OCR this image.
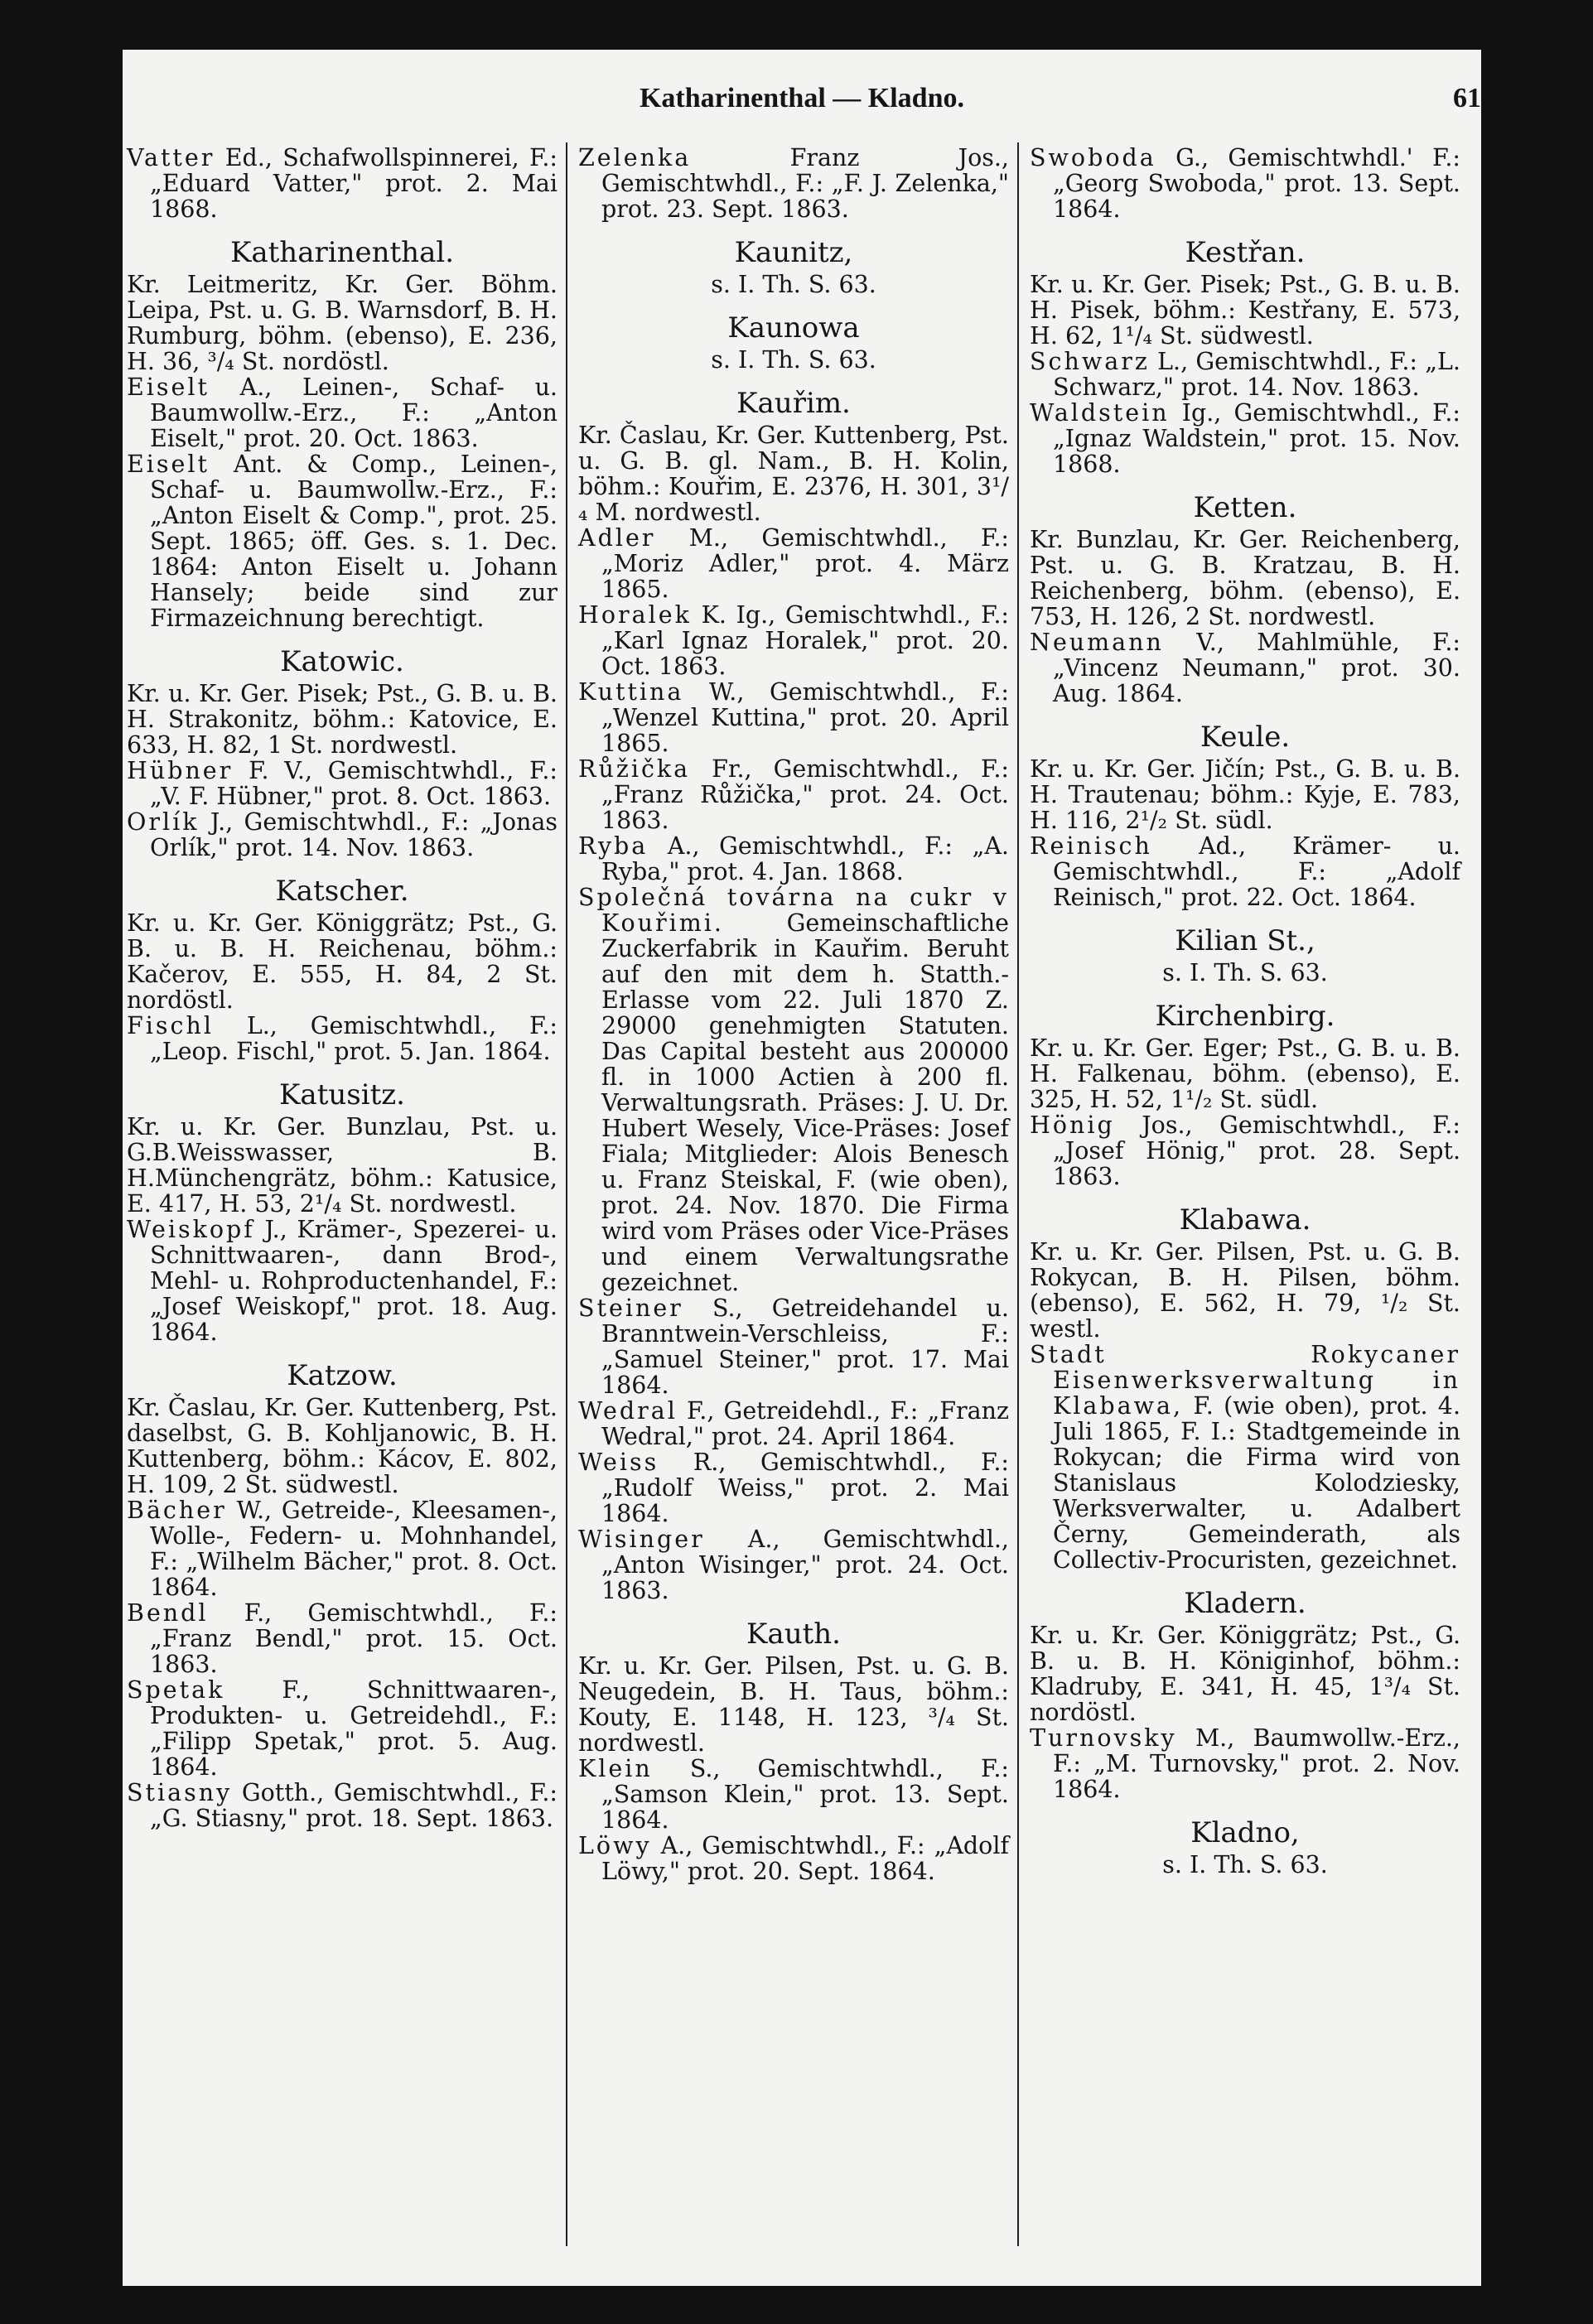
Katharinenthal — Kladno.	61

Vatter Ed., Schafwollspinnerei, F.: „Eduard Vatter," prot. 2. Mai 1868.

Katharinenthal.

Kr. Leitmeritz, Kr. Ger. Böhm. Leipa, Pst. u. G. B. Warnsdorf, B. H. Rumburg, böhm. (ebenso), E. 236, H. 36, ³/₄ St. nordöstl.

Eiselt A., Leinen-, Schaf- u. Baumwollw.-Erz., F.: „Anton Eiselt," prot. 20. Oct. 1863.

Eiselt Ant. & Comp., Leinen-, Schaf- u. Baumwollw.-Erz., F.: „Anton Eiselt & Comp.", prot. 25. Sept. 1865; öff. Ges. s. 1. Dec. 1864: Anton Eiselt u. Johann Hansely; beide sind zur Firmazeichnung berechtigt.

Katowic.

Kr. u. Kr. Ger. Pisek; Pst., G. B. u. B. H. Strakonitz, böhm.: Katovice, E. 633, H. 82, 1 St. nordwestl.

Hübner F. V., Gemischtwhdl., F.: „V. F. Hübner," prot. 8. Oct. 1863.

Orlík J., Gemischtwhdl., F.: „Jonas Orlík," prot. 14. Nov. 1863.

Katscher.

Kr. u. Kr. Ger. Königgrätz; Pst., G. B. u. B. H. Reichenau, böhm.: Kačerov, E. 555, H. 84, 2 St. nordöstl.

Fischl L., Gemischtwhdl., F.: „Leop. Fischl," prot. 5. Jan. 1864.

Katusitz.

Kr. u. Kr. Ger. Bunzlau, Pst. u. G.B.Weisswasser, B. H.Münchengrätz, böhm.: Katusice, E. 417, H. 53, 2¹/₄ St. nordwestl.

Weiskopf J., Krämer-, Spezerei- u. Schnittwaaren-, dann Brod-, Mehl- u. Rohproductenhandel, F.: „Josef Weiskopf," prot. 18. Aug. 1864.

Katzow.

Kr. Časlau, Kr. Ger. Kuttenberg, Pst. daselbst, G. B. Kohljanowic, B. H. Kuttenberg, böhm.: Kácov, E. 802, H. 109, 2 St. südwestl.

Bächer W., Getreide-, Kleesamen-, Wolle-, Federn- u. Mohnhandel, F.: „Wilhelm Bächer," prot. 8. Oct. 1864.

Bendl F., Gemischtwhdl., F.: „Franz Bendl," prot. 15. Oct. 1863.

Spetak F., Schnittwaaren-, Produkten- u. Getreidehdl., F.: „Filipp Spetak," prot. 5. Aug. 1864.

Stiasny Gotth., Gemischtwhdl., F.: „G. Stiasny," prot. 18. Sept. 1863.

Zelenka Franz Jos., Gemischtwhdl., F.: „F. J. Zelenka," prot. 23. Sept. 1863.

Kaunitz,
s. I. Th. S. 63.
Kaunowa
s. I. Th. S. 63.
Kauřim.

Kr. Časlau, Kr. Ger. Kuttenberg, Pst. u. G. B. gl. Nam., B. H. Kolin, böhm.: Kouřim, E. 2376, H. 301, 3¹/₄ M. nordwestl.

Adler M., Gemischtwhdl., F.: „Moriz Adler," prot. 4. März 1865.

Horalek K. Ig., Gemischtwhdl., F.: „Karl Ignaz Horalek," prot. 20. Oct. 1863.

Kuttina W., Gemischtwhdl., F.: „Wenzel Kuttina," prot. 20. April 1865.

Růžička Fr., Gemischtwhdl., F.: „Franz Růžička," prot. 24. Oct. 1863.

Ryba A., Gemischtwhdl., F.: „A. Ryba," prot. 4. Jan. 1868.

Společná továrna na cukr v Kouřimi. Gemeinschaftliche Zuckerfabrik in Kauřim. Beruht auf den mit dem h. Statth.-Erlasse vom 22. Juli 1870 Z. 29000 genehmigten Statuten. Das Capital besteht aus 200000 fl. in 1000 Actien à 200 fl. Verwaltungsrath. Präses: J. U. Dr. Hubert Wesely, Vice-Präses: Josef Fiala; Mitglieder: Alois Benesch u. Franz Steiskal, F. (wie oben), prot. 24. Nov. 1870. Die Firma wird vom Präses oder Vice-Präses und einem Verwaltungsrathe gezeichnet.

Steiner S., Getreidehandel u. Branntwein-Verschleiss, F.: „Samuel Steiner," prot. 17. Mai 1864.

Wedral F., Getreidehdl., F.: „Franz Wedral," prot. 24. April 1864.

Weiss R., Gemischtwhdl., F.: „Rudolf Weiss," prot. 2. Mai 1864.

Wisinger A., Gemischtwhdl., „Anton Wisinger," prot. 24. Oct. 1863.

Kauth.

Kr. u. Kr. Ger. Pilsen, Pst. u. G. B. Neugedein, B. H. Taus, böhm.: Kouty, E. 1148, H. 123, ³/₄ St. nordwestl.

Klein S., Gemischtwhdl., F.: „Samson Klein," prot. 13. Sept. 1864.

Löwy A., Gemischtwhdl., F.: „Adolf Löwy," prot. 20. Sept. 1864.

Swoboda G., Gemischtwhdl.' F.: „Georg Swoboda," prot. 13. Sept. 1864.

Kestřan.

Kr. u. Kr. Ger. Pisek; Pst., G. B. u. B. H. Pisek, böhm.: Kestřany, E. 573, H. 62, 1¹/₄ St. südwestl.

Schwarz L., Gemischtwhdl., F.: „L. Schwarz," prot. 14. Nov. 1863.

Waldstein Ig., Gemischtwhdl., F.: „Ignaz Waldstein," prot. 15. Nov. 1868.

Ketten.

Kr. Bunzlau, Kr. Ger. Reichenberg, Pst. u. G. B. Kratzau, B. H. Reichenberg, böhm. (ebenso), E. 753, H. 126, 2 St. nordwestl.

Neumann V., Mahlmühle, F.: „Vincenz Neumann," prot. 30. Aug. 1864.

Keule.

Kr. u. Kr. Ger. Jičín; Pst., G. B. u. B. H. Trautenau; böhm.: Kyje, E. 783, H. 116, 2¹/₂ St. südl.

Reinisch Ad., Krämer- u. Gemischtwhdl., F.: „Adolf Reinisch," prot. 22. Oct. 1864.

Kilian St.,
s. I. Th. S. 63.
Kirchenbirg.

Kr. u. Kr. Ger. Eger; Pst., G. B. u. B. H. Falkenau, böhm. (ebenso), E. 325, H. 52, 1¹/₂ St. südl.

Hönig Jos., Gemischtwhdl., F.: „Josef Hönig," prot. 28. Sept. 1863.

Klabawa.

Kr. u. Kr. Ger. Pilsen, Pst. u. G. B. Rokycan, B. H. Pilsen, böhm. (ebenso), E. 562, H. 79, ¹/₂ St. westl.

Stadt Rokycaner Eisenwerksverwaltung in Klabawa, F. (wie oben), prot. 4. Juli 1865, F. I.: Stadtgemeinde in Rokycan; die Firma wird von Stanislaus Kolodziesky, Werksverwalter, u. Adalbert Černy, Gemeinderath, als Collectiv-Procuristen, gezeichnet.

Kladern.

Kr. u. Kr. Ger. Königgrätz; Pst., G. B. u. B. H. Königinhof, böhm.: Kladruby, E. 341, H. 45, 1³/₄ St. nordöstl.

Turnovsky M., Baumwollw.-Erz., F.: „M. Turnovsky," prot. 2. Nov. 1864.

Kladno,
s. I. Th. S. 63.
